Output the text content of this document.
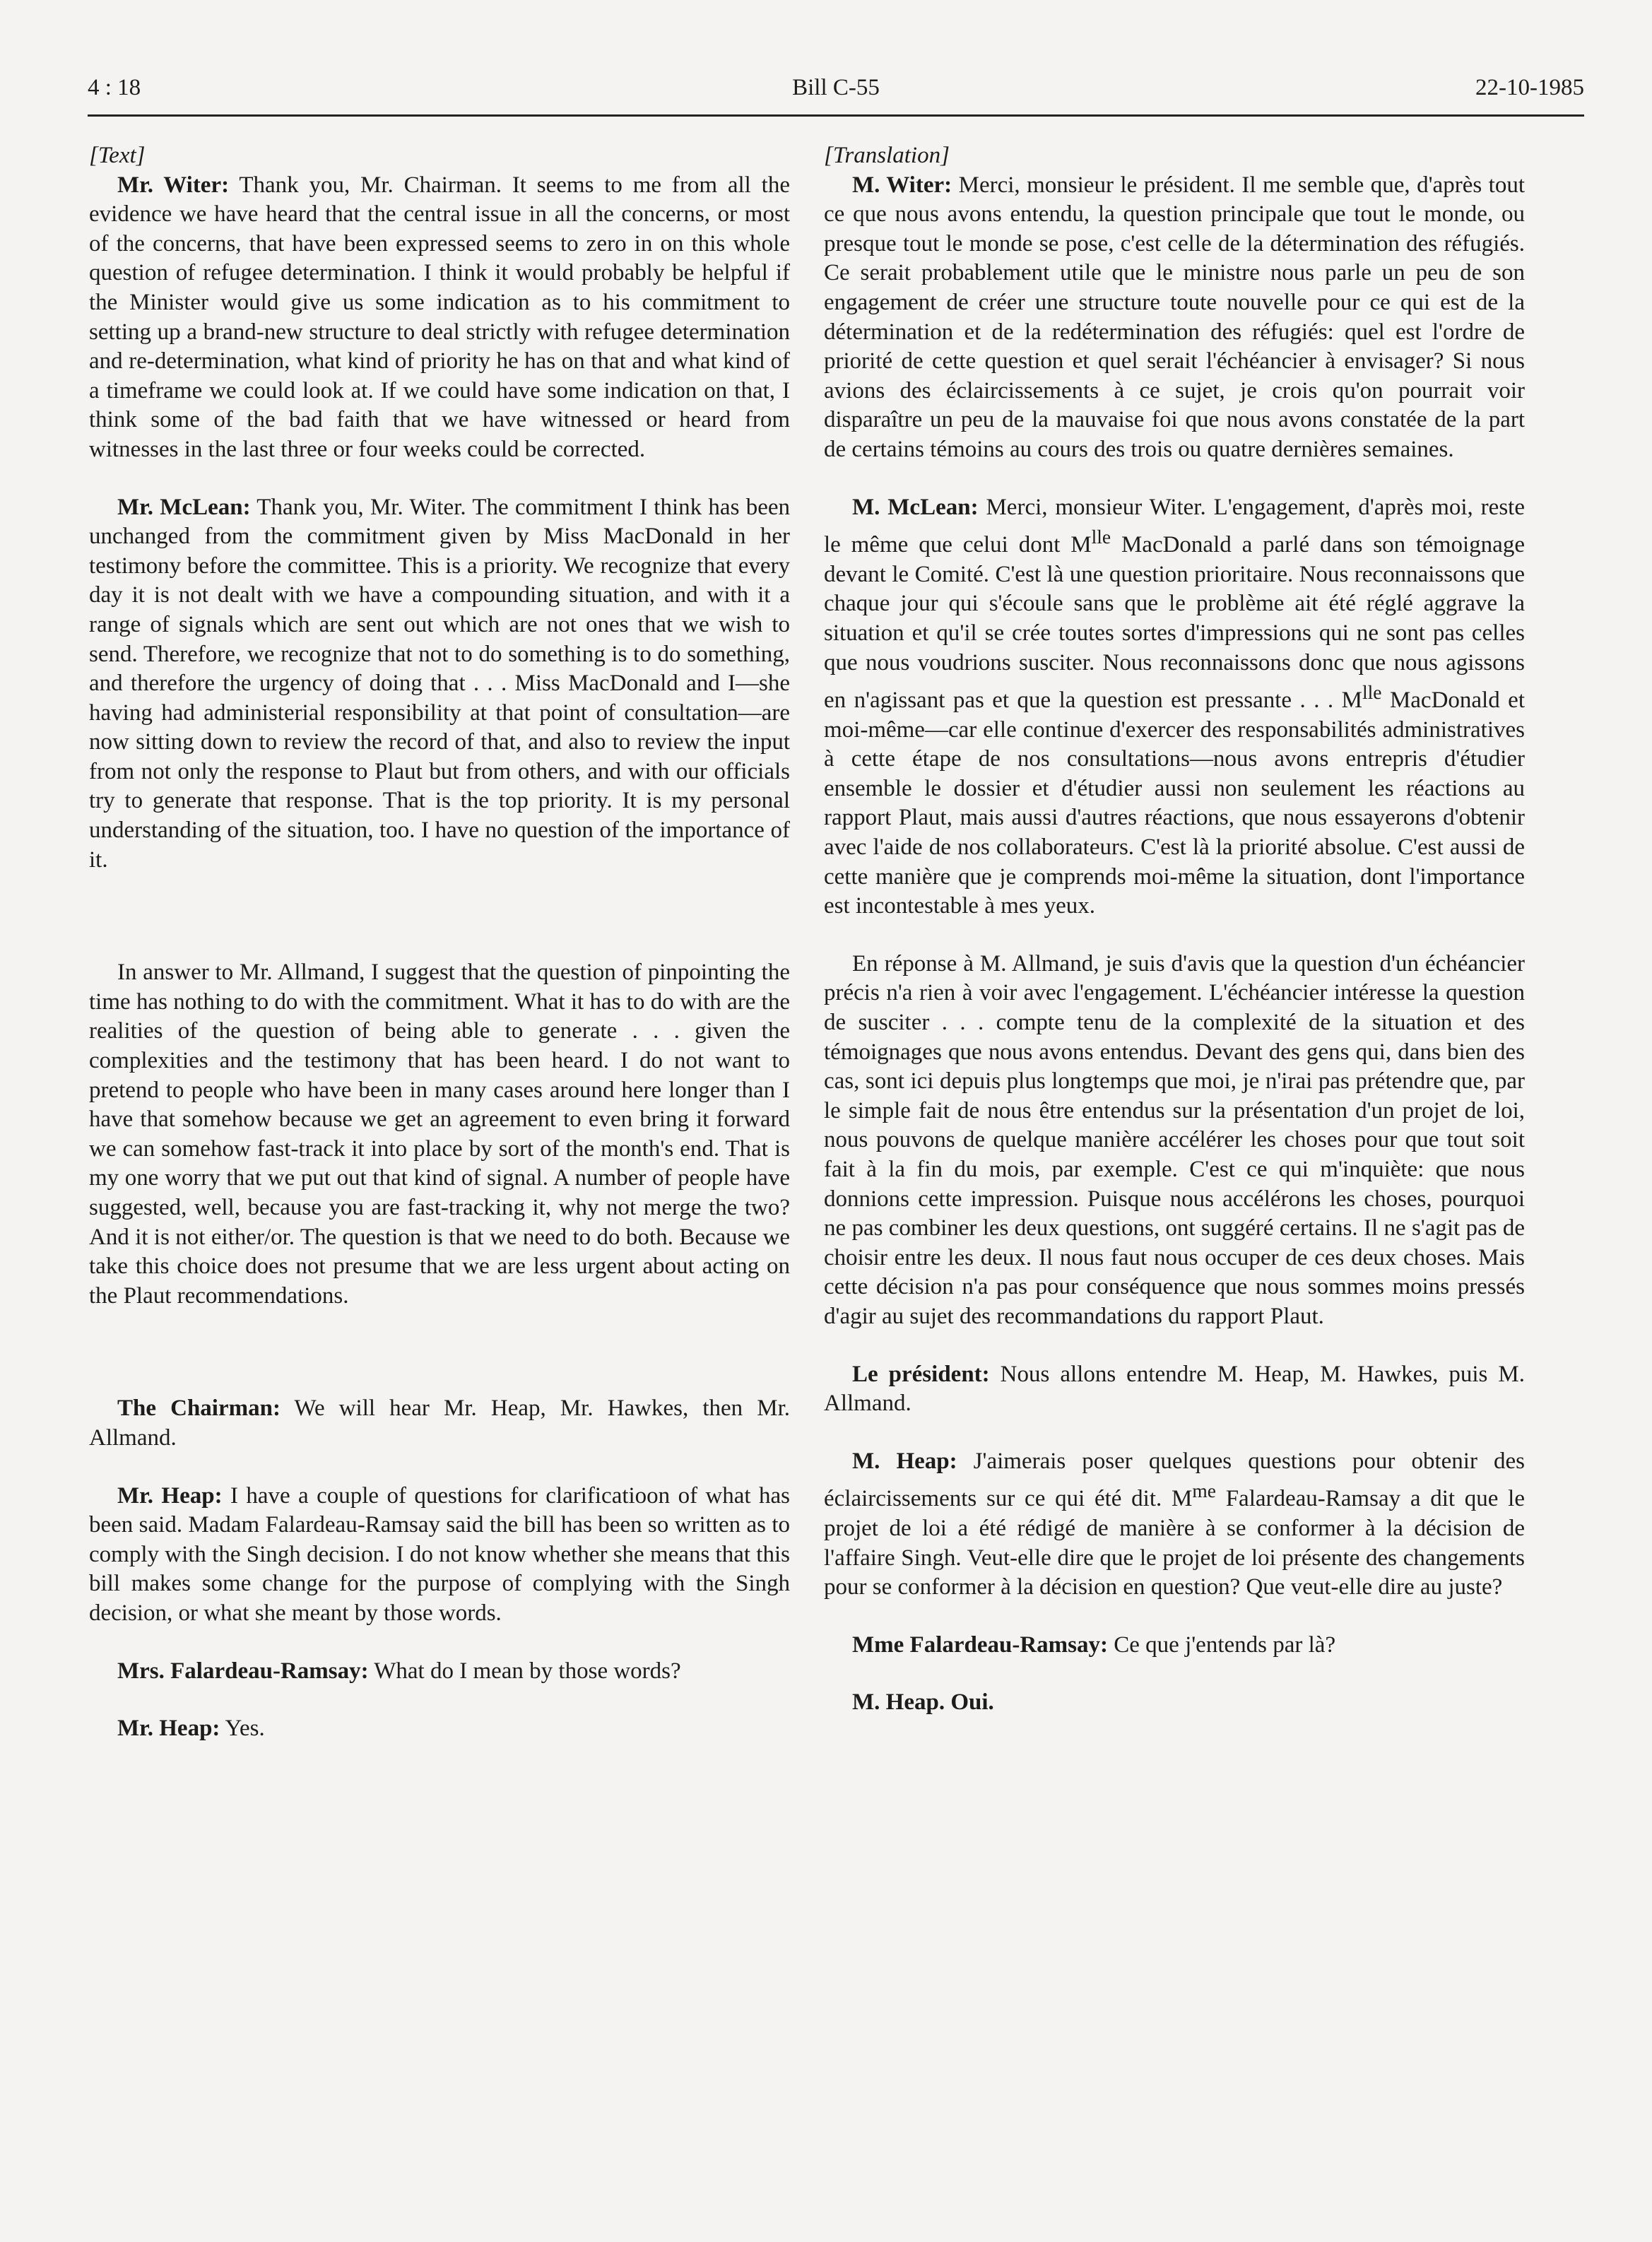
4 : 18	Bill C-55	22-10-1985

[Text]

Mr. Witer: Thank you, Mr. Chairman. It seems to me from all the evidence we have heard that the central issue in all the concerns, or most of the concerns, that have been expressed seems to zero in on this whole question of refugee determination. I think it would probably be helpful if the Minister would give us some indication as to his commitment to setting up a brand-new structure to deal strictly with refugee determination and re-determination, what kind of priority he has on that and what kind of a timeframe we could look at. If we could have some indication on that, I think some of the bad faith that we have witnessed or heard from witnesses in the last three or four weeks could be corrected.

Mr. McLean: Thank you, Mr. Witer. The commitment I think has been unchanged from the commitment given by Miss MacDonald in her testimony before the committee. This is a priority. We recognize that every day it is not dealt with we have a compounding situation, and with it a range of signals which are sent out which are not ones that we wish to send. Therefore, we recognize that not to do something is to do something, and therefore the urgency of doing that . . . Miss MacDonald and I—she having had administerial responsibility at that point of consultation—are now sitting down to review the record of that, and also to review the input from not only the response to Plaut but from others, and with our officials try to generate that response. That is the top priority. It is my personal understanding of the situation, too. I have no question of the importance of it.

In answer to Mr. Allmand, I suggest that the question of pinpointing the time has nothing to do with the commitment. What it has to do with are the realities of the question of being able to generate . . . given the complexities and the testimony that has been heard. I do not want to pretend to people who have been in many cases around here longer than I have that somehow because we get an agreement to even bring it forward we can somehow fast-track it into place by sort of the month's end. That is my one worry that we put out that kind of signal. A number of people have suggested, well, because you are fast-tracking it, why not merge the two? And it is not either/or. The question is that we need to do both. Because we take this choice does not presume that we are less urgent about acting on the Plaut recommendations.

The Chairman: We will hear Mr. Heap, Mr. Hawkes, then Mr. Allmand.

Mr. Heap: I have a couple of questions for clarificatioon of what has been said. Madam Falardeau-Ramsay said the bill has been so written as to comply with the Singh decision. I do not know whether she means that this bill makes some change for the purpose of complying with the Singh decision, or what she meant by those words.

Mrs. Falardeau-Ramsay: What do I mean by those words?

Mr. Heap: Yes.

[Translation]

M. Witer: Merci, monsieur le président. Il me semble que, d'après tout ce que nous avons entendu, la question principale que tout le monde, ou presque tout le monde se pose, c'est celle de la détermination des réfugiés. Ce serait probablement utile que le ministre nous parle un peu de son engagement de créer une structure toute nouvelle pour ce qui est de la détermination et de la redétermination des réfugiés: quel est l'ordre de priorité de cette question et quel serait l'échéancier à envisager? Si nous avions des éclaircissements à ce sujet, je crois qu'on pourrait voir disparaître un peu de la mauvaise foi que nous avons constatée de la part de certains témoins au cours des trois ou quatre dernières semaines.

M. McLean: Merci, monsieur Witer. L'engagement, d'après moi, reste le même que celui dont $M^{lle}$ MacDonald a parlé dans son témoignage devant le Comité. C'est là une question prioritaire. Nous reconnaissons que chaque jour qui s'écoule sans que le problème ait été réglé aggrave la situation et qu'il se crée toutes sortes d'impressions qui ne sont pas celles que nous voudrions susciter. Nous reconnaissons donc que nous agissons en n'agissant pas et que la question est pressante . . . $M^{lle}$ MacDonald et moi-même—car elle continue d'exercer des responsabilités administratives à cette étape de nos consultations—nous avons entrepris d'étudier ensemble le dossier et d'étudier aussi non seulement les réactions au rapport Plaut, mais aussi d'autres réactions, que nous essayerons d'obtenir avec l'aide de nos collaborateurs. C'est là la priorité absolue. C'est aussi de cette manière que je comprends moi-même la situation, dont l'importance est incontestable à mes yeux.

En réponse à M. Allmand, je suis d'avis que la question d'un échéancier précis n'a rien à voir avec l'engagement. L'échéancier intéresse la question de susciter . . . compte tenu de la complexité de la situation et des témoignages que nous avons entendus. Devant des gens qui, dans bien des cas, sont ici depuis plus longtemps que moi, je n'irai pas prétendre que, par le simple fait de nous être entendus sur la présentation d'un projet de loi, nous pouvons de quelque manière accélérer les choses pour que tout soit fait à la fin du mois, par exemple. C'est ce qui m'inquiète: que nous donnions cette impression. Puisque nous accélérons les choses, pourquoi ne pas combiner les deux questions, ont suggéré certains. Il ne s'agit pas de choisir entre les deux. Il nous faut nous occuper de ces deux choses. Mais cette décision n'a pas pour conséquence que nous sommes moins pressés d'agir au sujet des recommandations du rapport Plaut.

Le président: Nous allons entendre M. Heap, M. Hawkes, puis M. Allmand.

M. Heap: J'aimerais poser quelques questions pour obtenir des éclaircissements sur ce qui été dit. $M^{me}$ Falardeau-Ramsay a dit que le projet de loi a été rédigé de manière à se conformer à la décision de l'affaire Singh. Veut-elle dire que le projet de loi présente des changements pour se conformer à la décision en question? Que veut-elle dire au juste?

Mme Falardeau-Ramsay: Ce que j'entends par là?

M. Heap. Oui.
